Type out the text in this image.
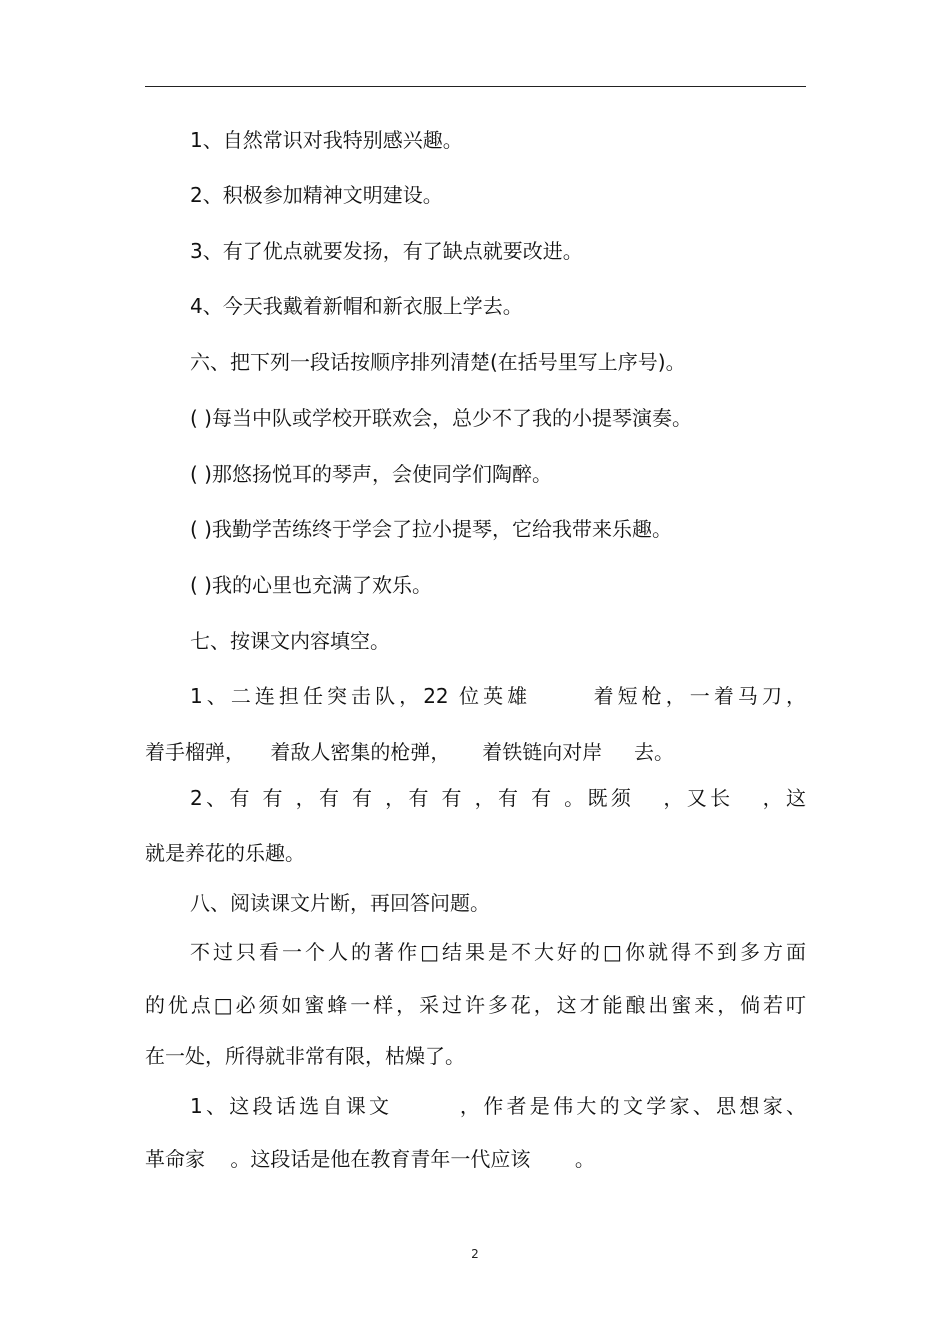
1、自然常识对我特别感兴趣。
2、积极参加精神文明建设。
3、有了优点就要发扬，有了缺点就要改进。
4、今天我戴着新帽和新衣服上学去。
六、把下列一段话按顺序排列清楚(在括号里写上序号)。
( )每当中队或学校开联欢会，总少不了我的小提琴演奏。
( )那悠扬悦耳的琴声，会使同学们陶醉。
( )我勤学苦练终于学会了拉小提琴，它给我带来乐趣。
( )我的心里也充满了欢乐。
七、按课文内容填空。
1、二连担任突击队，22 位英雄      着短枪，一着马刀，
着手榴弹，    着敌人密集的枪弹，     着铁链向对岸     去。
2、有 有 ，有 有 ，有 有 ，有 有 。既须   ，又长   ，这
就是养花的乐趣。
八、阅读课文片断，再回答问题。
不过只看一个人的著作□结果是不大好的□你就得不到多方面
的优点□必须如蜜蜂一样，采过许多花，这才能酿出蜜来，倘若叮
在一处，所得就非常有限，枯燥了。
1、这段话选自课文       ，作者是伟大的文学家、思想家、
革命家    。这段话是他在教育青年一代应该       。
2
